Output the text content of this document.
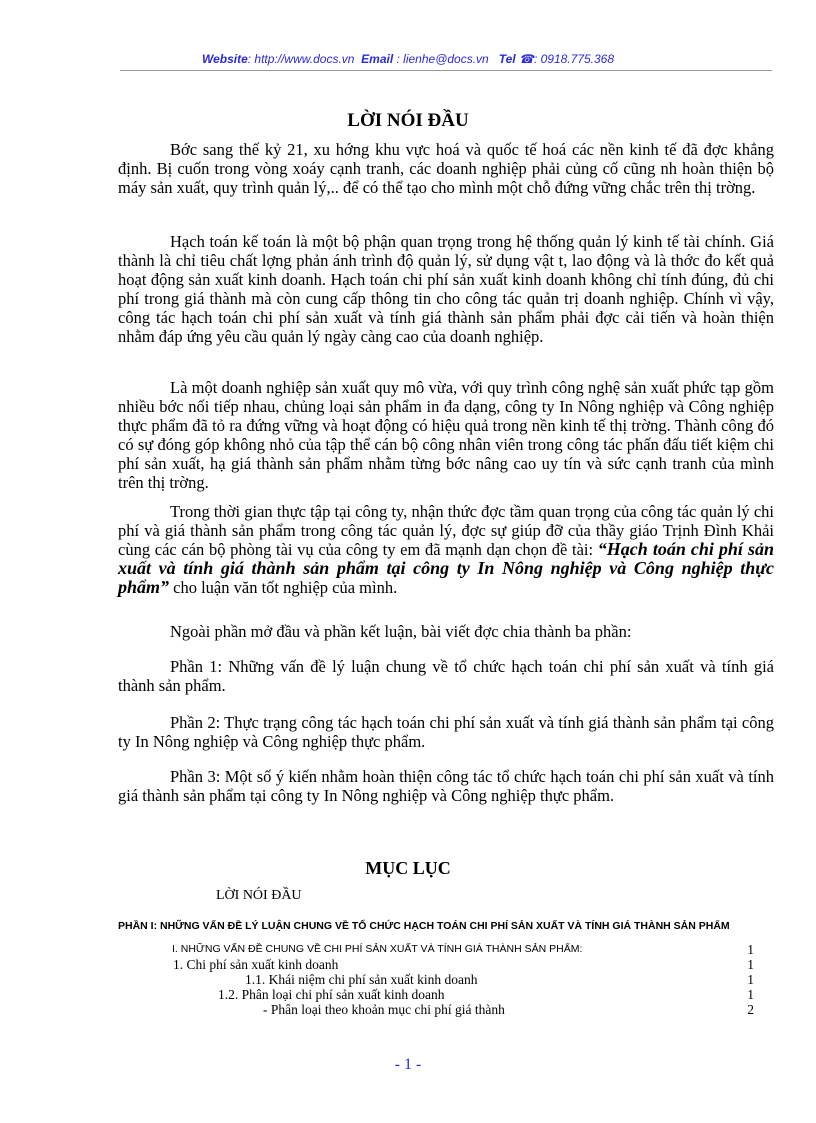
Website: http://www.docs.vn Email : lienhe@docs.vn Tel ☎: 0918.775.368
LỜI NÓI ĐẦU
Bớc sang thế kỷ 21, xu hớng khu vực hoá và quốc tế hoá các nền kinh tế đã đợc khẳng định. Bị cuốn trong vòng xoáy cạnh tranh, các doanh nghiệp phải củng cố cũng nh hoàn thiện bộ máy sản xuất, quy trình quản lý,.. để có thể tạo cho mình một chỗ đứng vững chắc trên thị trờng.
Hạch toán kế toán là một bộ phận quan trọng trong hệ thống quản lý kinh tế tài chính. Giá thành là chỉ tiêu chất lợng phản ánh trình độ quản lý, sử dụng vật t, lao động và là thớc đo kết quả hoạt động sản xuất kinh doanh. Hạch toán chi phí sản xuất kinh doanh không chỉ tính đúng, đủ chi phí trong giá thành mà còn cung cấp thông tin cho công tác quản trị doanh nghiệp. Chính vì vậy, công tác hạch toán chi phí sản xuất và tính giá thành sản phẩm phải đợc cải tiến và hoàn thiện nhằm đáp ứng yêu cầu quản lý ngày càng cao của doanh nghiệp.
Là một doanh nghiệp sản xuất quy mô vừa, với quy trình công nghệ sản xuất phức tạp gồm nhiều bớc nối tiếp nhau, chủng loại sản phẩm in đa dạng, công ty In Nông nghiệp và Công nghiệp thực phẩm đã tỏ ra đứng vững và hoạt động có hiệu quả trong nền kinh tế thị trờng. Thành công đó có sự đóng góp không nhỏ của tập thể cán bộ công nhân viên trong công tác phấn đấu tiết kiệm chi phí sản xuất, hạ giá thành sản phẩm nhằm từng bớc nâng cao uy tín và sức cạnh tranh của mình trên thị trờng.
Trong thời gian thực tập tại công ty, nhận thức đợc tầm quan trọng của công tác quản lý chi phí và giá thành sản phẩm trong công tác quản lý, đợc sự giúp đỡ của thầy giáo Trịnh Đình Khải cùng các cán bộ phòng tài vụ của công ty em đã mạnh dạn chọn đề tài: “Hạch toán chi phí sản xuất và tính giá thành sản phẩm tại công ty In Nông nghiệp và Công nghiệp thực phẩm” cho luận văn tốt nghiệp của mình.
Ngoài phần mở đầu và phần kết luận, bài viết đợc chia thành ba phần:
Phần 1: Những vấn đề lý luận chung về tổ chức hạch toán chi phí sản xuất và tính giá thành sản phẩm.
Phần 2: Thực trạng công tác hạch toán chi phí sản xuất và tính giá thành sản phẩm tại công ty In Nông nghiệp và Công nghiệp thực phẩm.
Phần 3: Một số ý kiến nhằm hoàn thiện công tác tổ chức hạch toán chi phí sản xuất và tính giá thành sản phẩm tại công ty In Nông nghiệp và Công nghiệp thực phẩm.
MỤC LỤC
LỜI NÓI ĐẦU
PHẦN I: NHỮNG VẤN ĐỀ LÝ LUẬN CHUNG VỀ TỔ CHỨC HẠCH TOÁN CHI PHÍ SẢN XUẤT VÀ TÍNH GIÁ THÀNH SẢN PHẨM
I. NHỮNG VẤN ĐỀ CHUNG VỀ CHI PHÍ SẢN XUẤT VÀ TÍNH GIÁ THÀNH SẢN PHẨM:	1
1. Chi phí sản xuất kinh doanh	1
1.1. Khái niệm chi phí sản xuất kinh doanh	1
1.2. Phân loại chi phí sản xuất kinh doanh	1
- Phân loại theo khoản mục chi phí giá thành	2
- 1 -
